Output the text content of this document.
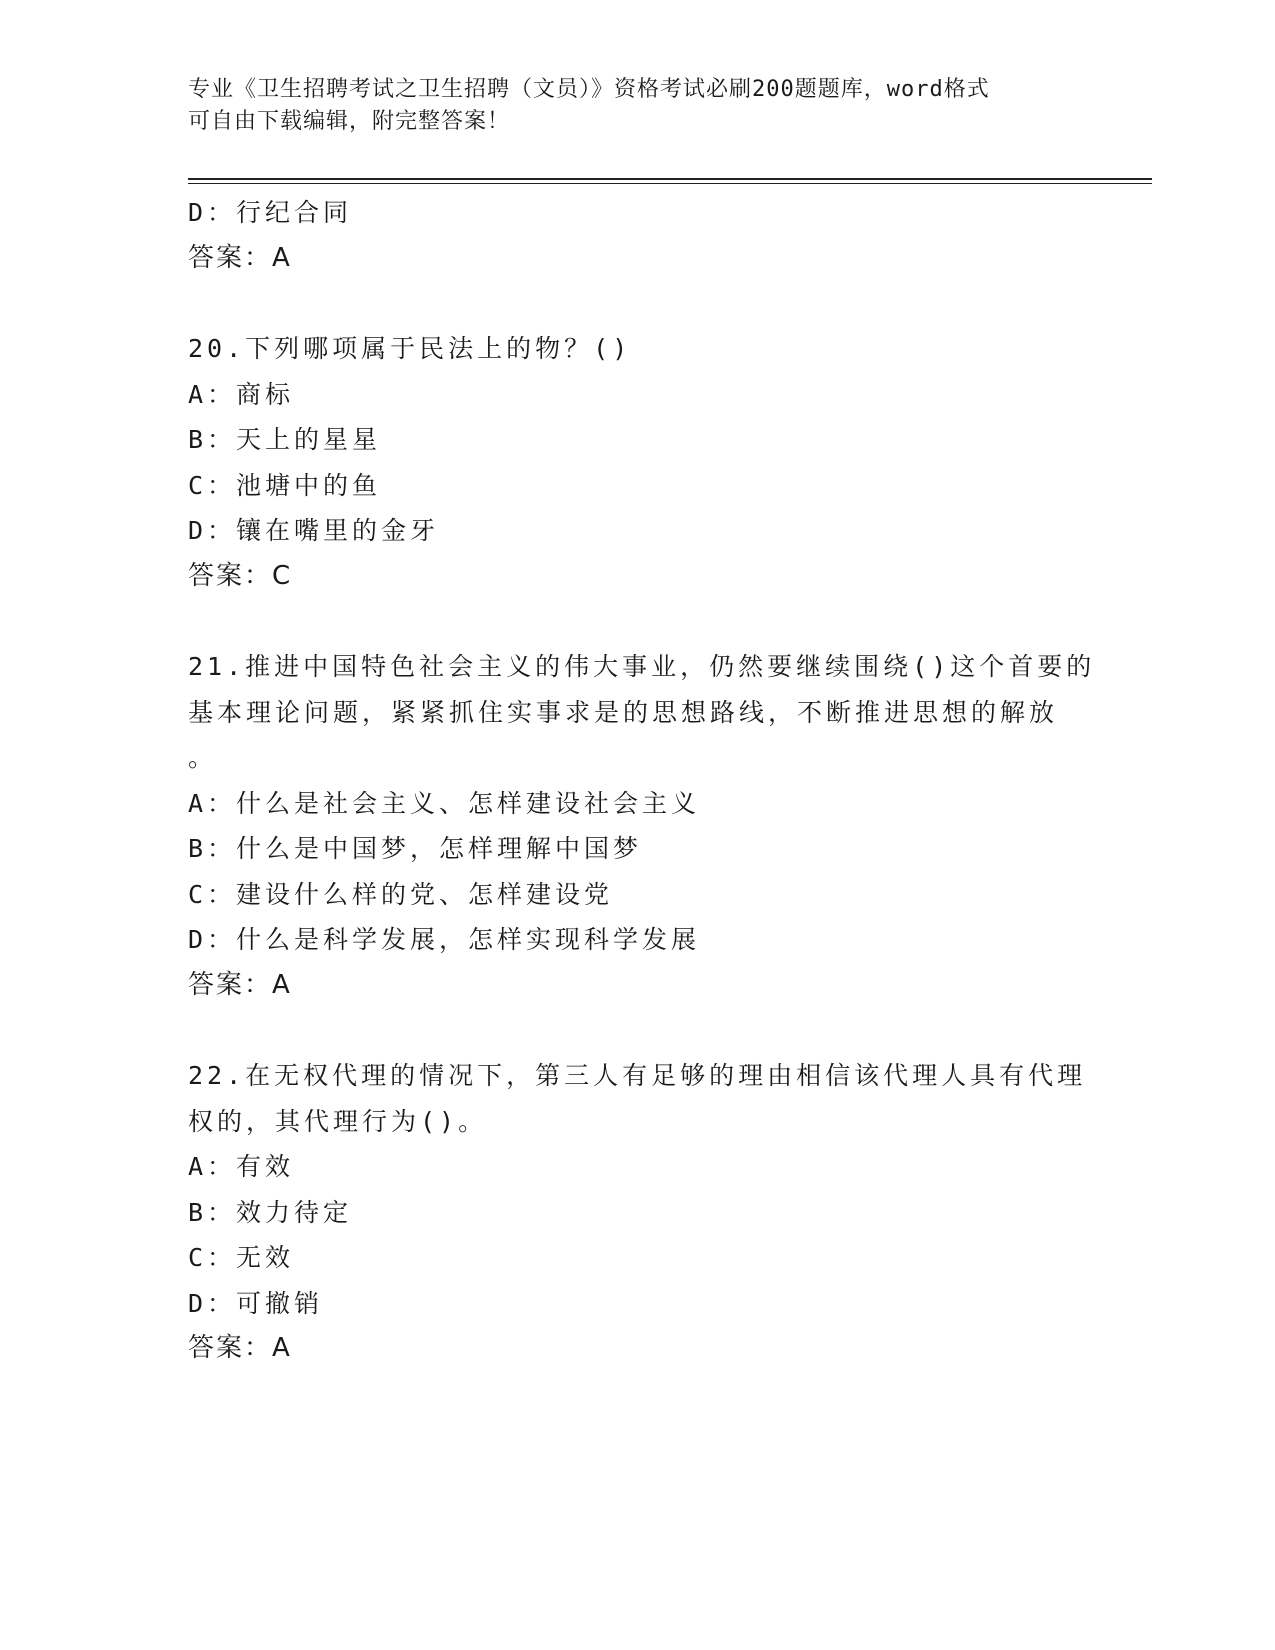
专业《卫生招聘考试之卫生招聘（文员）》资格考试必刷200题题库，word格式
可自由下载编辑，附完整答案！
D：行纪合同
答案：A
20.下列哪项属于民法上的物？()
A：商标
B：天上的星星
C：池塘中的鱼
D：镶在嘴里的金牙
答案：C
21.推进中国特色社会主义的伟大事业，仍然要继续围绕()这个首要的
基本理论问题，紧紧抓住实事求是的思想路线，不断推进思想的解放
。
A：什么是社会主义、怎样建设社会主义
B：什么是中国梦，怎样理解中国梦
C：建设什么样的党、怎样建设党
D：什么是科学发展，怎样实现科学发展
答案：A
22.在无权代理的情况下，第三人有足够的理由相信该代理人具有代理
权的，其代理行为()。
A：有效
B：效力待定
C：无效
D：可撤销
答案：A
